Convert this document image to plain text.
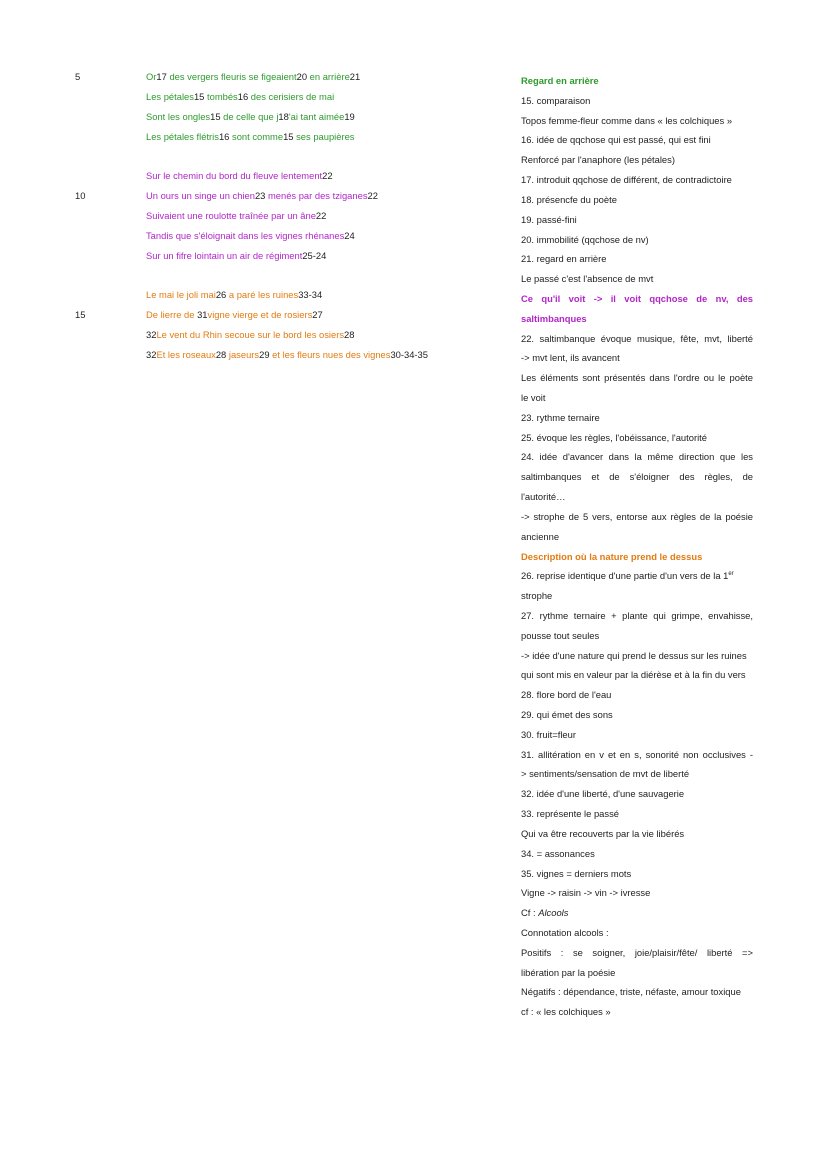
5
10
15
Or17 des vergers fleuris se figeaient20 en arrière21
Les pétales15 tombés16 des cerisiers de mai
Sont les ongles15 de celle que j18'ai tant aimée19
Les pétales flétris16 sont comme15 ses paupières
Sur le chemin du bord du fleuve lentement22
Un ours un singe un chien23 menés par des tziganes22
Suivaient une roulotte traînée par un âne22
Tandis que s'éloignait dans les vignes rhénanes24
Sur un fifre lointain un air de régiment25-24
Le mai le joli mai26 a paré les ruines33-34
De lierre de 31vigne vierge et de rosiers27
32Le vent du Rhin secoue sur le bord les osiers28
32Et les roseaux28 jaseurs29 et les fleurs nues des vignes30-34-35
Regard en arrière
15. comparaison
Topos femme-fleur comme dans « les colchiques »
16. idée de qqchose qui est passé, qui est fini
Renforcé par l'anaphore (les pétales)
17. introduit qqchose de différent, de contradictoire
18. présencfe du poète
19. passé-fini
20. immobilité (qqchose de nv)
21. regard en arrière
Le passé c'est l'absence de mvt
Ce qu'il voit -> il voit qqchose de nv, des
saltimbanques
22. saltimbanque évoque musique, fête, mvt, liberté
-> mvt lent, ils avancent
Les éléments sont présentés dans l'ordre ou le poète
le voit
23. rythme ternaire
25. évoque les règles, l'obéissance, l'autorité
24. idée d'avancer dans la même direction que les
saltimbanques et de s'éloigner des règles, de
l'autorité…
-> strophe de 5 vers, entorse aux règles de la poésie
ancienne
Description où la nature prend le dessus
26. reprise identique d'une partie d'un vers de la 1er
strophe
27. rythme ternaire + plante qui grimpe, envahisse,
pousse tout seules
-> idée d'une nature qui prend le dessus sur les ruines
qui sont mis en valeur par la diérèse et à la fin du vers
28. flore bord de l'eau
29. qui émet des sons
30. fruit=fleur
31. allitération en v et en s, sonorité non occlusives -
> sentiments/sensation de mvt de liberté
32. idée d'une liberté, d'une sauvagerie
33. représente le passé
Qui va être recouverts par la vie libérés
34. = assonances
35. vignes = derniers mots
Vigne -> raisin -> vin -> ivresse
Cf : Alcools
Connotation alcools :
Positifs : se soigner, joie/plaisir/fête/ liberté =>
libération par la poésie
Négatifs : dépendance, triste, néfaste, amour toxique
cf : « les colchiques »
